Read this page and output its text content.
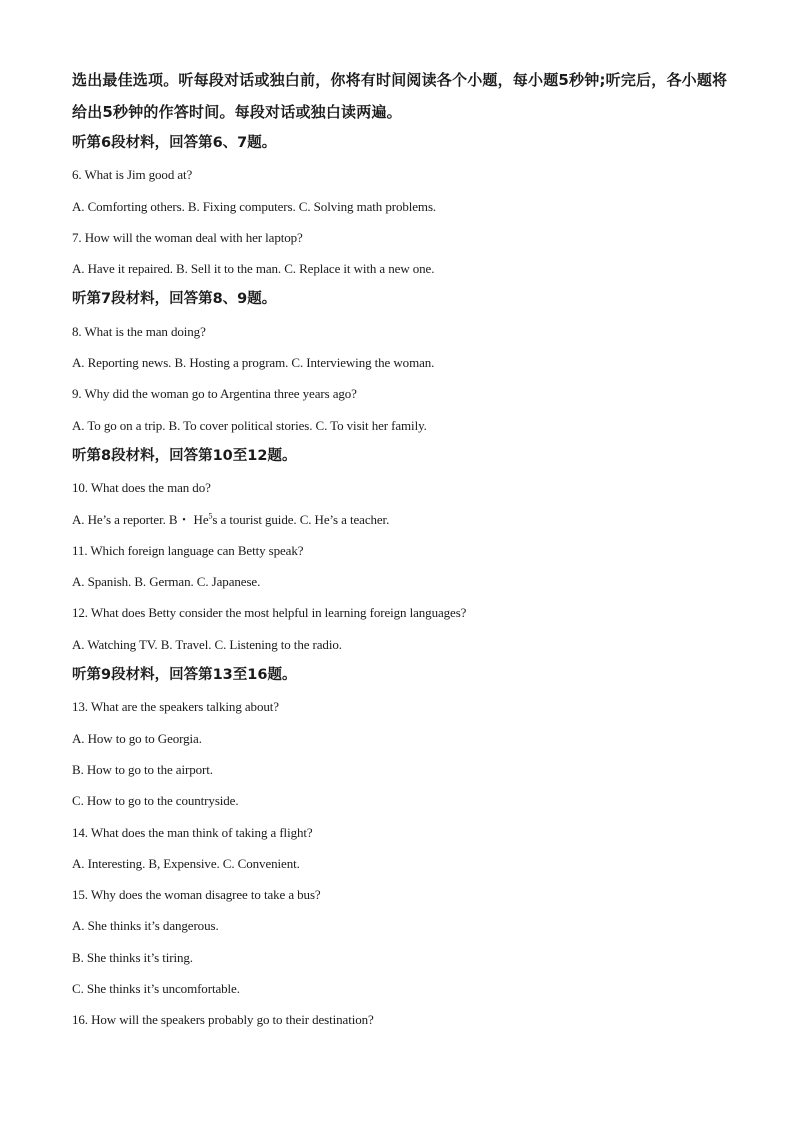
选出最佳选项。听每段对话或独白前，你将有时间阅读各个小题，每小题5秒钟;听完后，各小题将给出5秒钟的作答时间。每段对话或独白读两遍。

听第6段材料，回答第6、7题。
6. What is Jim good at?
A. Comforting others. B. Fixing computers. C. Solving math problems.
7. How will the woman deal with her laptop?
A. Have it repaired. B. Sell it to the man. C. Replace it with a new one.
听第7段材料，回答第8、9题。
8. What is the man doing?
A. Reporting news. B. Hosting a program. C. Interviewing the woman.
9. Why did the woman go to Argentina three years ago?
A. To go on a trip. B. To cover political stories. C. To visit her family.
听第8段材料，回答第10至12题。
10. What does the man do?
A. He’s a reporter. B・ He$^5$s a tourist guide. C. He’s a teacher.
11. Which foreign language can Betty speak?
A. Spanish. B. German. C. Japanese.
12. What does Betty consider the most helpful in learning foreign languages?
A. Watching TV. B. Travel. C. Listening to the radio.
听第9段材料，回答第13至16题。
13. What are the speakers talking about?
A. How to go to Georgia.
B. How to go to the airport.
C. How to go to the countryside.
14. What does the man think of taking a flight?
A. Interesting. B, Expensive. C. Convenient.
15. Why does the woman disagree to take a bus?
A. She thinks it’s dangerous.
B. She thinks it’s tiring.
C. She thinks it’s uncomfortable.
16. How will the speakers probably go to their destination?
